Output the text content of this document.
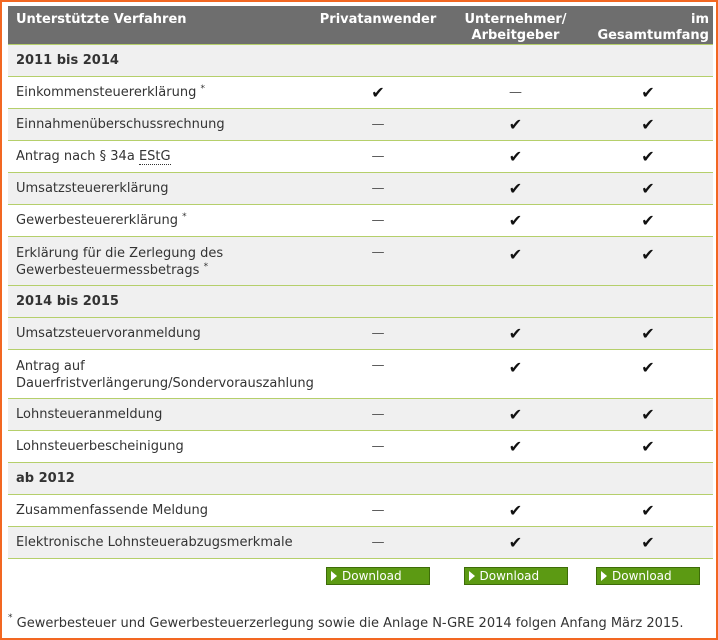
Unterstützte Verfahren	Privatanwender	Unternehmer/
Arbeitgeber	im Gesamtumfang
2011 bis 2014			
Einkommensteuererklärung *	✔	—	✔
Einnahmenüberschussrechnung	—	✔	✔
Antrag nach § 34a EStG	—	✔	✔
Umsatzsteuererklärung	—	✔	✔
Gewerbesteuererklärung *	—	✔	✔
Erklärung für die Zerlegung des
Gewerbesteuermessbetrags *	—	✔	✔
2014 bis 2015			
Umsatzsteuervoranmeldung	—	✔	✔
Antrag auf
Dauerfristverlängerung/Sondervorauszahlung	—	✔	✔
Lohnsteueranmeldung	—	✔	✔
Lohnsteuerbescheinigung	—	✔	✔
ab 2012			
Zusammenfassende Meldung	—	✔	✔
Elektronische Lohnsteuerabzugsmerkmale	—	✔	✔
	Download	Download	Download
* Gewerbesteuer und Gewerbesteuerzerlegung sowie die Anlage N-GRE 2014 folgen Anfang März 2015.
